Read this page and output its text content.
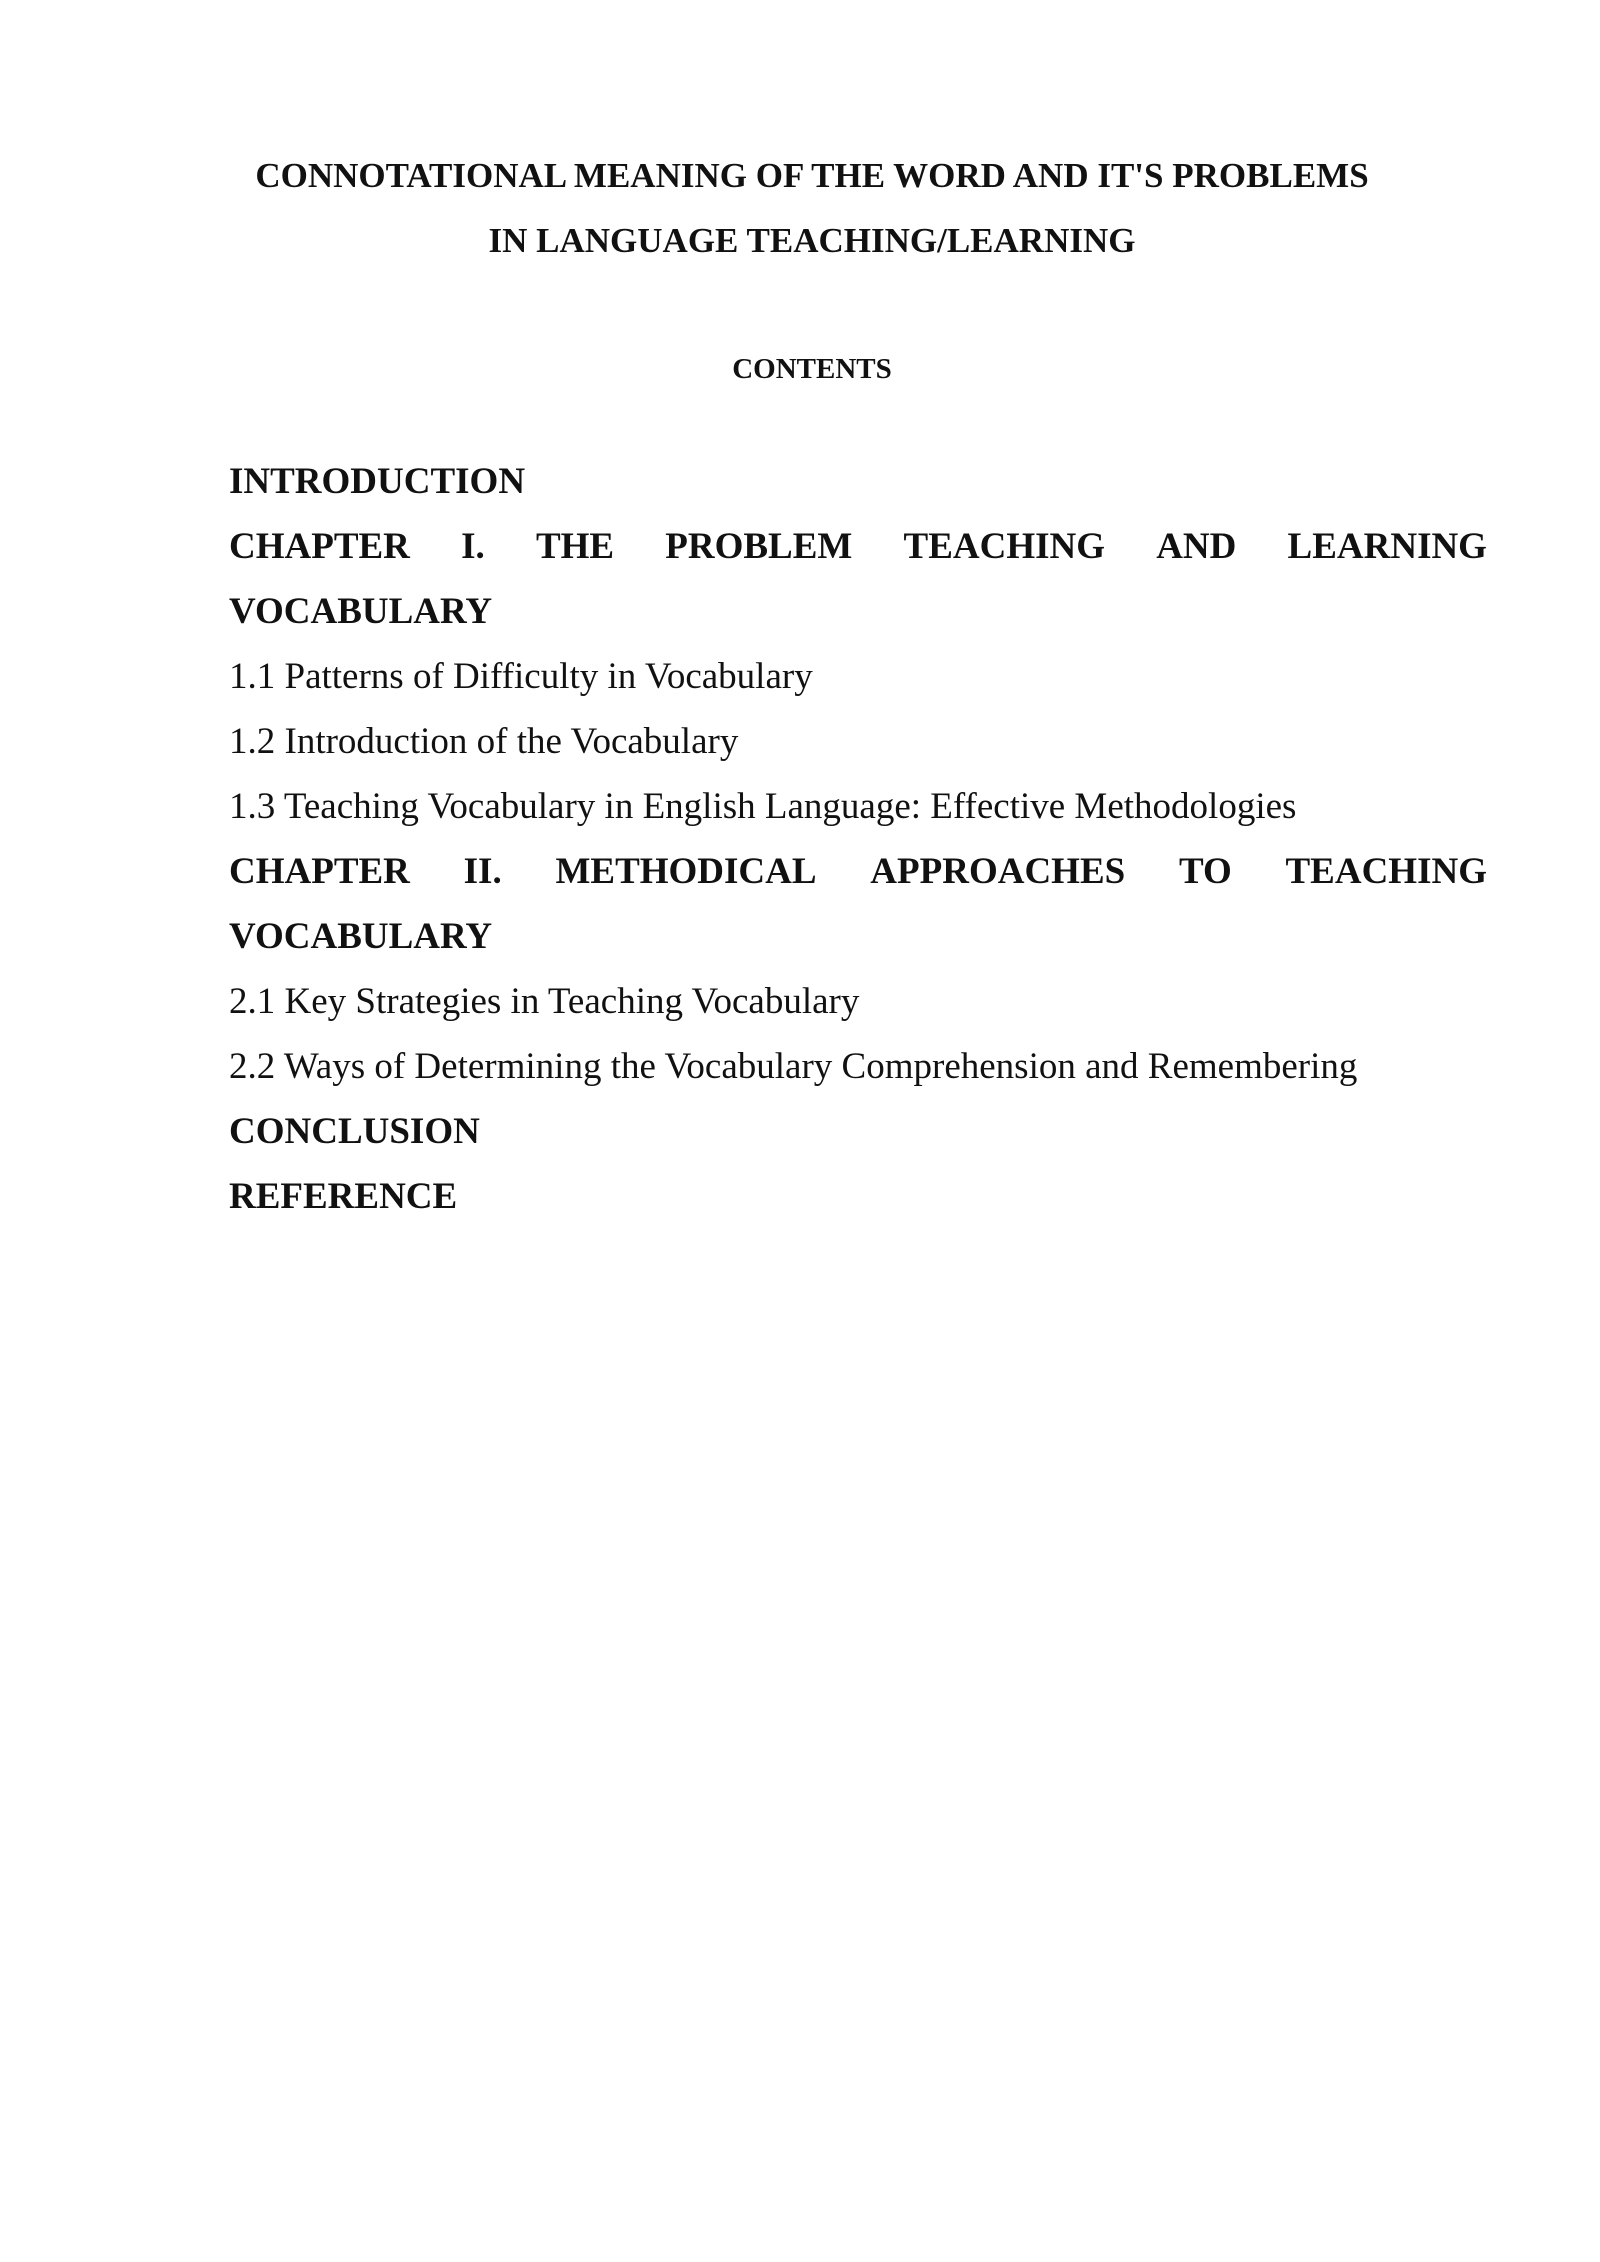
CONNOTATIONAL MEANING OF THE WORD AND IT'S PROBLEMS
IN LANGUAGE TEACHING/LEARNING
CONTENTS
INTRODUCTION
CHAPTER I. THE PROBLEM TEACHING AND LEARNING
VOCABULARY
1.1 Patterns of Difficulty in Vocabulary
1.2 Introduction of the Vocabulary
1.3 Teaching Vocabulary in English Language: Effective Methodologies
CHAPTER II. METHODICAL APPROACHES TO TEACHING
VOCABULARY
2.1 Key Strategies in Teaching Vocabulary
2.2 Ways of Determining the Vocabulary Comprehension and Remembering
CONCLUSION
REFERENCE
